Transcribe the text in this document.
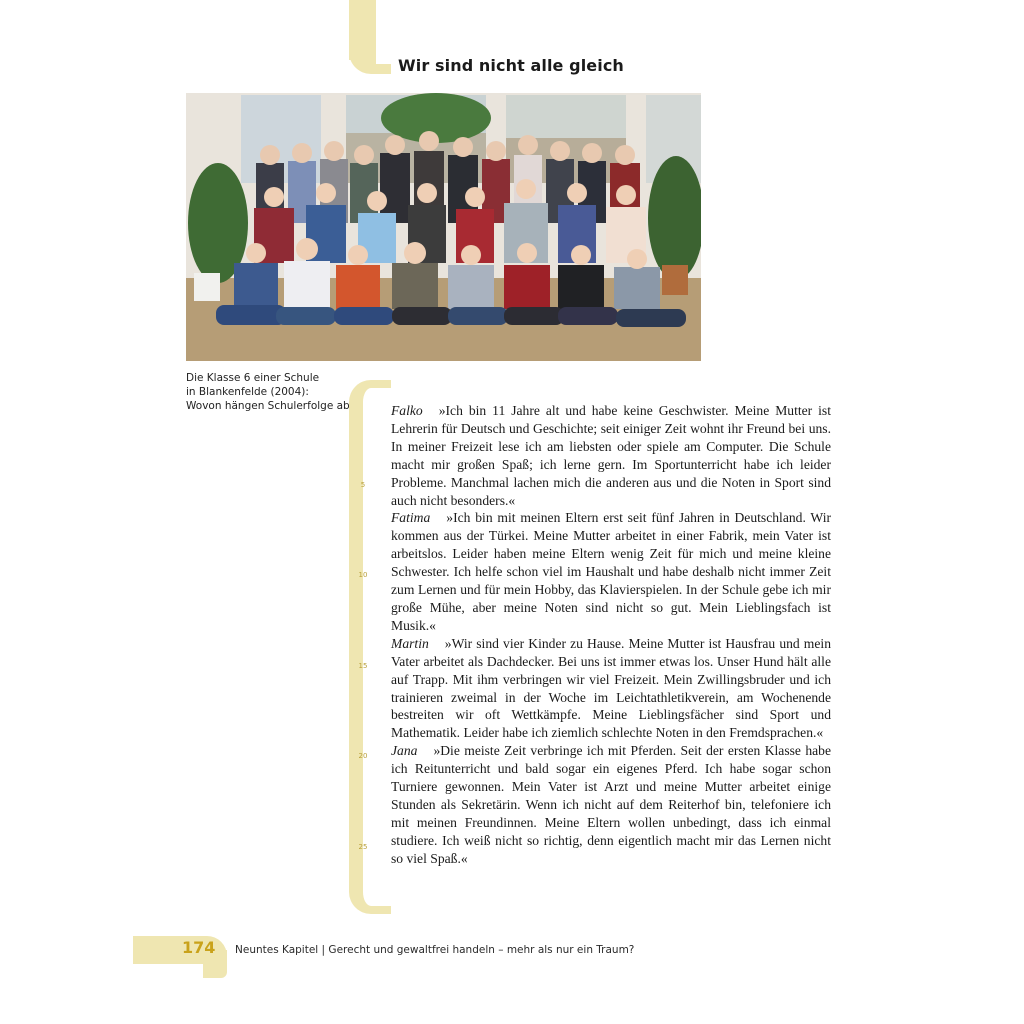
Wir sind nicht alle gleich
Die Klasse 6 einer Schule
in Blankenfelde (2004):
Wovon hängen Schulerfolge ab?
5
10
15
20
25

Falko »Ich bin 11 Jahre alt und habe keine Geschwister. Meine Mutter ist Lehrerin für Deutsch und Geschichte; seit einiger Zeit wohnt ihr Freund bei uns. In meiner Freizeit lese ich am liebsten oder spiele am Computer. Die Schule macht mir großen Spaß; ich lerne gern. Im Sportunterricht habe ich leider Probleme. Manchmal lachen mich die anderen aus und die Noten in Sport sind auch nicht besonders.«

Fatima »Ich bin mit meinen Eltern erst seit fünf Jahren in Deutschland. Wir kommen aus der Türkei. Meine Mutter arbeitet in einer Fabrik, mein Vater ist arbeitslos. Leider haben meine Eltern wenig Zeit für mich und meine kleine Schwester. Ich helfe schon viel im Haushalt und habe deshalb nicht immer Zeit zum Lernen und für mein Hobby, das Klavierspielen. In der Schule gebe ich mir große Mühe, aber meine Noten sind nicht so gut. Mein Lieblingsfach ist Musik.«

Martin »Wir sind vier Kinder zu Hause. Meine Mutter ist Hausfrau und mein Vater arbeitet als Dachdecker. Bei uns ist immer etwas los. Unser Hund hält alle auf Trapp. Mit ihm verbringen wir viel Freizeit. Mein Zwillingsbruder und ich trainieren zweimal in der Woche im Leichtathletikverein, am Wochenende bestreiten wir oft Wettkämpfe. Meine Lieblingsfächer sind Sport und Mathematik. Leider habe ich ziemlich schlechte Noten in den Fremdsprachen.«

Jana »Die meiste Zeit verbringe ich mit Pferden. Seit der ersten Klasse habe ich Reitunterricht und bald sogar ein eigenes Pferd. Ich habe sogar schon Turniere gewonnen. Mein Vater ist Arzt und meine Mutter arbeitet einige Stunden als Sekretärin. Wenn ich nicht auf dem Reiterhof bin, telefoniere ich mit meinen Freundinnen. Meine Eltern wollen unbedingt, dass ich einmal studiere. Ich weiß nicht so richtig, denn eigentlich macht mir das Lernen nicht so viel Spaß.«

174 Neuntes Kapitel | Gerecht und gewaltfrei handeln – mehr als nur ein Traum?
